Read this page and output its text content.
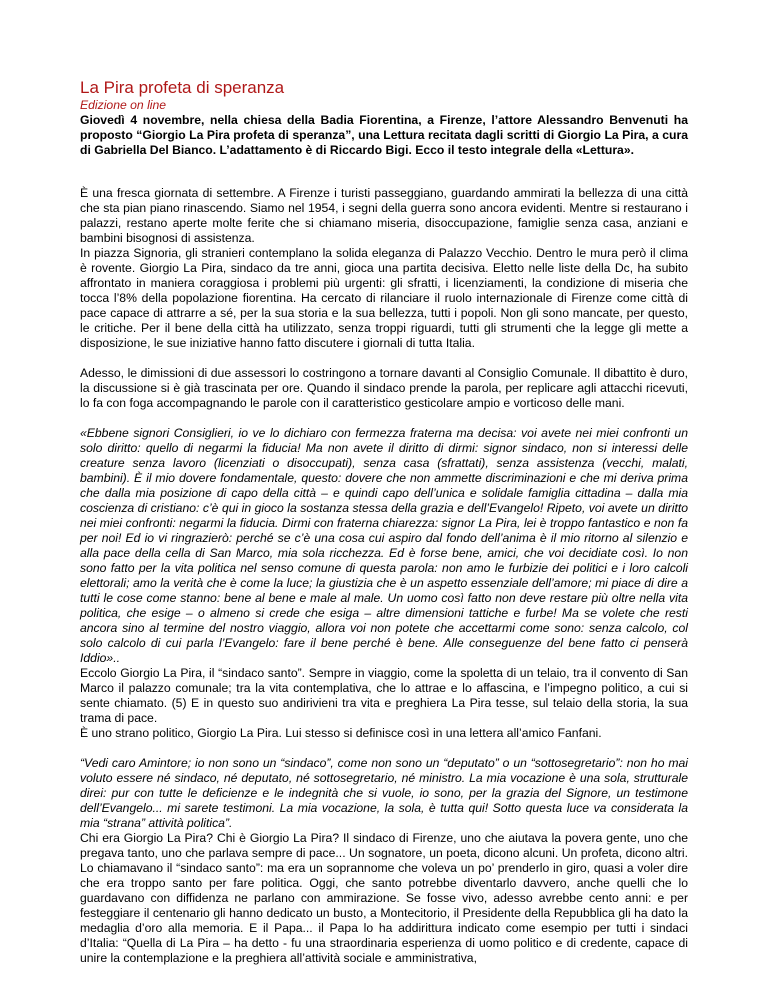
La Pira profeta di speranza

Edizione on line

Giovedì 4 novembre, nella chiesa della Badia Fiorentina, a Firenze, l’attore Alessandro Benvenuti ha proposto “Giorgio La Pira profeta di speranza”, una Lettura recitata dagli scritti di Giorgio La Pira, a cura di Gabriella Del Bianco. L’adattamento è di Riccardo Bigi. Ecco il testo integrale della «Lettura».

È una fresca giornata di settembre. A Firenze i turisti passeggiano, guardando ammirati la bellezza di una città che sta pian piano rinascendo. Siamo nel 1954, i segni della guerra sono ancora evidenti. Mentre si restaurano i palazzi, restano aperte molte ferite che si chiamano miseria, disoccupazione, famiglie senza casa, anziani e bambini bisognosi di assistenza.

In piazza Signoria, gli stranieri contemplano la solida eleganza di Palazzo Vecchio. Dentro le mura però il clima è rovente. Giorgio La Pira, sindaco da tre anni, gioca una partita decisiva. Eletto nelle liste della Dc, ha subito affrontato in maniera coraggiosa i problemi più urgenti: gli sfratti, i licenziamenti, la condizione di miseria che tocca l’8% della popolazione fiorentina. Ha cercato di rilanciare il ruolo internazionale di Firenze come città di pace capace di attrarre a sé, per la sua storia e la sua bellezza, tutti i popoli. Non gli sono mancate, per questo, le critiche. Per il bene della città ha utilizzato, senza troppi riguardi, tutti gli strumenti che la legge gli mette a disposizione, le sue iniziative hanno fatto discutere i giornali di tutta Italia.

Adesso, le dimissioni di due assessori lo costringono a tornare davanti al Consiglio Comunale. Il dibattito è duro, la discussione si è già trascinata per ore. Quando il sindaco prende la parola, per replicare agli attacchi ricevuti, lo fa con foga accompagnando le parole con il caratteristico gesticolare ampio e vorticoso delle mani.

«Ebbene signori Consiglieri, io ve lo dichiaro con fermezza fraterna ma decisa: voi avete nei miei confronti un solo diritto: quello di negarmi la fiducia! Ma non avete il diritto di dirmi: signor sindaco, non si interessi delle creature senza lavoro (licenziati o disoccupati), senza casa (sfrattati), senza assistenza (vecchi, malati, bambini). È il mio dovere fondamentale, questo: dovere che non ammette discriminazioni e che mi deriva prima che dalla mia posizione di capo della città – e quindi capo dell’unica e solidale famiglia cittadina – dalla mia coscienza di cristiano: c’è qui in gioco la sostanza stessa della grazia e dell’Evangelo! Ripeto, voi avete un diritto nei miei confronti: negarmi la fiducia. Dirmi con fraterna chiarezza: signor La Pira, lei è troppo fantastico e non fa per noi! Ed io vi ringrazierò: perché se c’è una cosa cui aspiro dal fondo dell’anima è il mio ritorno al silenzio e alla pace della cella di San Marco, mia sola ricchezza. Ed è forse bene, amici, che voi decidiate così. Io non sono fatto per la vita politica nel senso comune di questa parola: non amo le furbizie dei politici e i loro calcoli elettorali; amo la verità che è come la luce; la giustizia che è un aspetto essenziale dell’amore; mi piace di dire a tutti le cose come stanno: bene al bene e male al male. Un uomo così fatto non deve restare più oltre nella vita politica, che esige – o almeno si crede che esiga – altre dimensioni tattiche e furbe! Ma se volete che resti ancora sino al termine del nostro viaggio, allora voi non potete che accettarmi come sono: senza calcolo, col solo calcolo di cui parla l’Evangelo: fare il bene perché è bene. Alle conseguenze del bene fatto ci penserà Iddio»..

Eccolo Giorgio La Pira, il “sindaco santo”. Sempre in viaggio, come la spoletta di un telaio, tra il convento di San Marco il palazzo comunale; tra la vita contemplativa, che lo attrae e lo affascina, e l’impegno politico, a cui si sente chiamato. (5) E in questo suo andirivieni tra vita e preghiera La Pira tesse, sul telaio della storia, la sua trama di pace.

È uno strano politico, Giorgio La Pira. Lui stesso si definisce così in una lettera all’amico Fanfani.

“Vedi caro Amintore; io non sono un “sindaco”, come non sono un “deputato” o un “sottosegretario”: non ho mai voluto essere né sindaco, né deputato, né sottosegretario, né ministro. La mia vocazione è una sola, strutturale direi: pur con tutte le deficienze e le indegnità che si vuole, io sono, per la grazia del Signore, un testimone dell’Evangelo... mi sarete testimoni. La mia vocazione, la sola, è tutta qui! Sotto questa luce va considerata la mia “strana” attività politica”.

Chi era Giorgio La Pira? Chi è Giorgio La Pira? Il sindaco di Firenze, uno che aiutava la povera gente, uno che pregava tanto, uno che parlava sempre di pace... Un sognatore, un poeta, dicono alcuni. Un profeta, dicono altri. Lo chiamavano il “sindaco santo”: ma era un soprannome che voleva un po’ prenderlo in giro, quasi a voler dire che era troppo santo per fare politica. Oggi, che santo potrebbe diventarlo davvero, anche quelli che lo guardavano con diffidenza ne parlano con ammirazione. Se fosse vivo, adesso avrebbe cento anni: e per festeggiare il centenario gli hanno dedicato un busto, a Montecitorio, il Presidente della Repubblica gli ha dato la medaglia d’oro alla memoria. E il Papa... il Papa lo ha addirittura indicato come esempio per tutti i sindaci d’Italia: “Quella di La Pira – ha detto - fu una straordinaria esperienza di uomo politico e di credente, capace di unire la contemplazione e la preghiera all’attività sociale e amministrativa,
